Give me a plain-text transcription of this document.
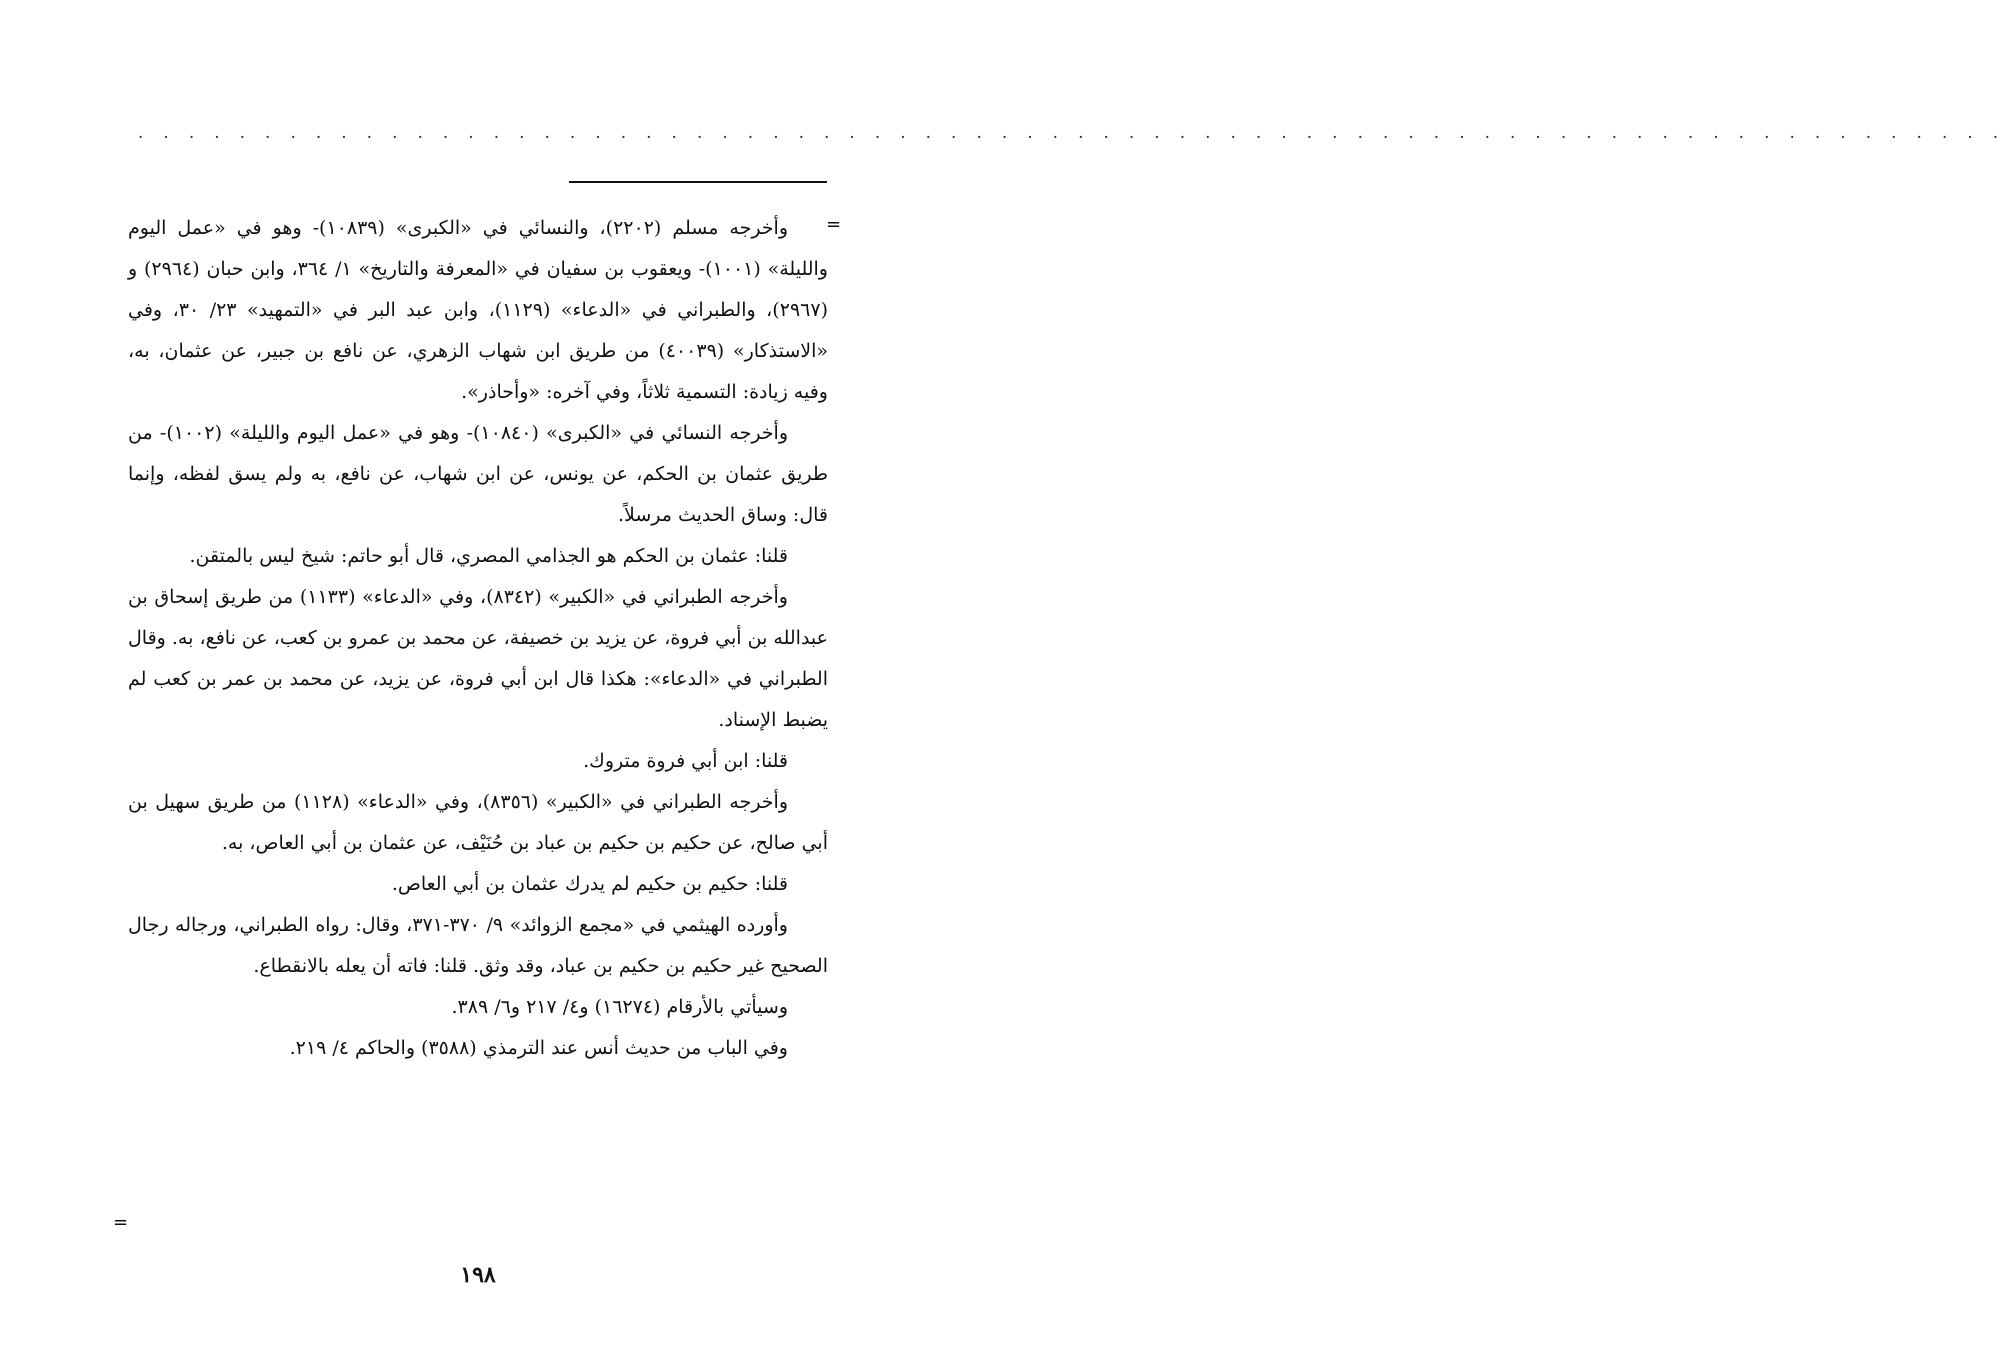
· · · · · · · · · · · · · · · · · · · · · · · · · · · · · · · · · · · · · · · · · · · · · · · · · · · · · · · · · · · · · · · · · · · · · · · · · ·
=

وأخرجه مسلم (٢٢٠٢)، والنسائي في «الكبرى» (١٠٨٣٩)- وهو في «عمل اليوم والليلة» (١٠٠١)- ويعقوب بن سفيان في «المعرفة والتاريخ» ١/ ٣٦٤، وابن حبان (٢٩٦٤) و (٢٩٦٧)، والطبراني في «الدعاء» (١١٢٩)، وابن عبد البر في «التمهيد» ٢٣/ ٣٠، وفي «الاستذكار» (٤٠٠٣٩) من طريق ابن شهاب الزهري، عن نافع بن جبير، عن عثمان، به، وفيه زيادة: التسمية ثلاثاً، وفي آخره: «وأحاذر».

وأخرجه النسائي في «الكبرى» (١٠٨٤٠)- وهو في «عمل اليوم والليلة» (١٠٠٢)- من طريق عثمان بن الحكم، عن يونس، عن ابن شهاب، عن نافع، به ولم يسق لفظه، وإنما قال: وساق الحديث مرسلاً.

قلنا: عثمان بن الحكم هو الجذامي المصري، قال أبو حاتم: شيخ ليس بالمتقن.

وأخرجه الطبراني في «الكبير» (٨٣٤٢)، وفي «الدعاء» (١١٣٣) من طريق إسحاق بن عبدالله بن أبي فروة، عن يزيد بن خصيفة، عن محمد بن عمرو بن كعب، عن نافع، به. وقال الطبراني في «الدعاء»: هكذا قال ابن أبي فروة، عن يزيد، عن محمد بن عمر بن كعب لم يضبط الإسناد.

قلنا: ابن أبي فروة متروك.

وأخرجه الطبراني في «الكبير» (٨٣٥٦)، وفي «الدعاء» (١١٢٨) من طريق سهيل بن أبي صالح، عن حكيم بن حكيم بن عباد بن حُنَيْف، عن عثمان بن أبي العاص، به.

قلنا: حكيم بن حكيم لم يدرك عثمان بن أبي العاص.

وأورده الهيثمي في «مجمع الزوائد» ٩/ ٣٧٠-٣٧١، وقال: رواه الطبراني، ورجاله رجال الصحيح غير حكيم بن حكيم بن عباد، وقد وثق. قلنا: فاته أن يعله بالانقطاع.

وسيأتي بالأرقام (١٦٢٧٤) و٤/ ٢١٧ و٦/ ٣٨٩.

وفي الباب من حديث أنس عند الترمذي (٣٥٨٨) والحاكم ٤/ ٢١٩.

=
١٩٨
